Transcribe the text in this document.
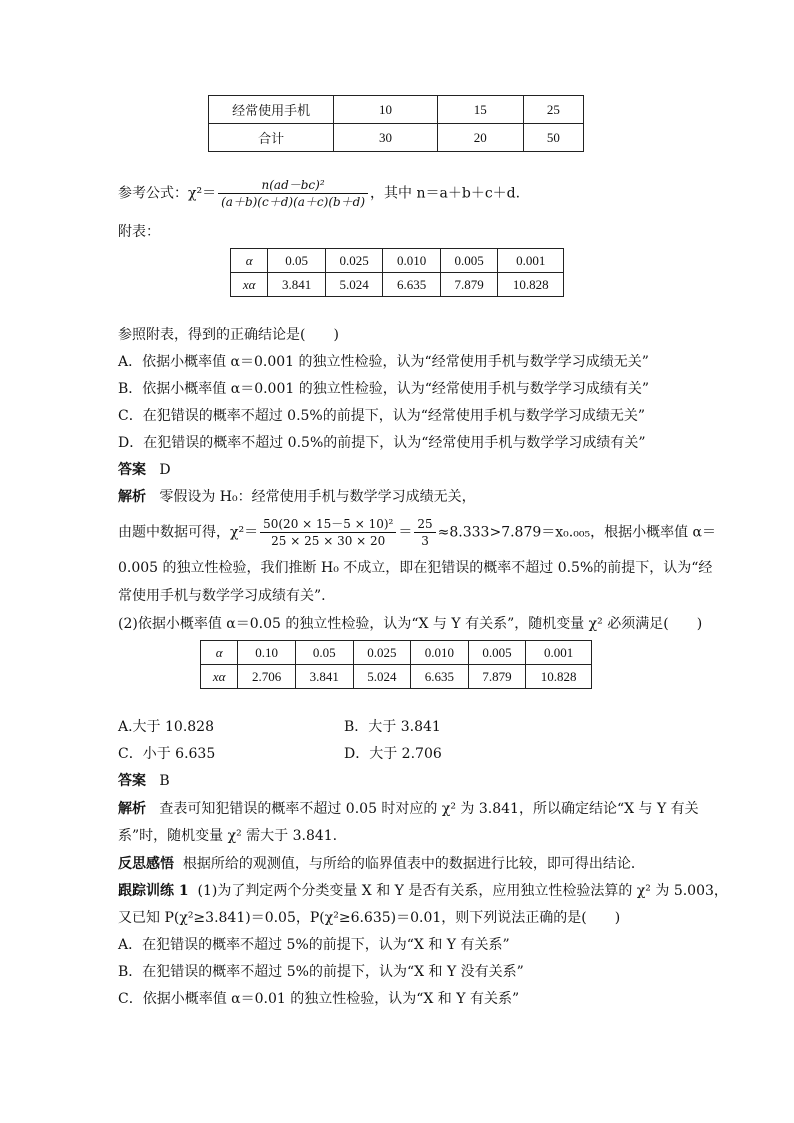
经常使用手机	10	15	25
合计	30	20	50
参考公式：$\chi^2= \frac{\text{n(ad－bc)²}}{(a+b)(c+d)(a+c)(b+d)}$ ，其中 n＝a＋b＋c＋d.
附表：
α	0.05	0.025	0.010	0.005	0.001
xα	3.841	5.024	6.635	7.879	10.828
参照附表，得到的正确结论是(　　)
A．依据小概率值 α＝0.001 的独立性检验，认为“经常使用手机与数学学习成绩无关”
B．依据小概率值 α＝0.001 的独立性检验，认为“经常使用手机与数学学习成绩有关”
C．在犯错误的概率不超过 0.5%的前提下，认为“经常使用手机与数学学习成绩无关”
D．在犯错误的概率不超过 0.5%的前提下，认为“经常使用手机与数学学习成绩有关”
答案 D
解析 零假设为 H₀：经常使用手机与数学学习成绩无关，
由题中数据可得，$\chi^2= \frac{\text{50(20 × 15－5 × 10)²}}{25 \times 25 \times 30 \times 20} = \frac{25}{3} \approx 8.333>7.879=x_0._{005}$，根据小概率值 α＝
0.005 的独立性检验，我们推断 H₀ 不成立，即在犯错误的概率不超过 0.5%的前提下，认为“经
常使用手机与数学学习成绩有关”.
(2)依据小概率值 α＝0.05 的独立性检验，认为“X 与 Y 有关系”，随机变量 χ² 必须满足(　　)
α	0.10	0.05	0.025	0.010	0.005	0.001
xα	2.706	3.841	5.024	6.635	7.879	10.828
A.大于 10.828	B．大于 3.841
C．小于 6.635	D．大于 2.706
答案 B
解析 查表可知犯错误的概率不超过 0.05 时对应的 χ² 为 3.841，所以确定结论“X 与 Y 有关
系”时，随机变量 χ² 需大于 3.841.
反思感悟 根据所给的观测值，与所给的临界值表中的数据进行比较，即可得出结论．
跟踪训练 1 (1)为了判定两个分类变量 X 和 Y 是否有关系，应用独立性检验法算的 χ² 为 5.003，
又已知 P(χ²≥3.841)＝0.05，P(χ²≥6.635)＝0.01，则下列说法正确的是(　　)
A．在犯错误的概率不超过 5%的前提下，认为“X 和 Y 有关系”
B．在犯错误的概率不超过 5%的前提下，认为“X 和 Y 没有关系”
C．依据小概率值 α＝0.01 的独立性检验，认为“X 和 Y 有关系”
